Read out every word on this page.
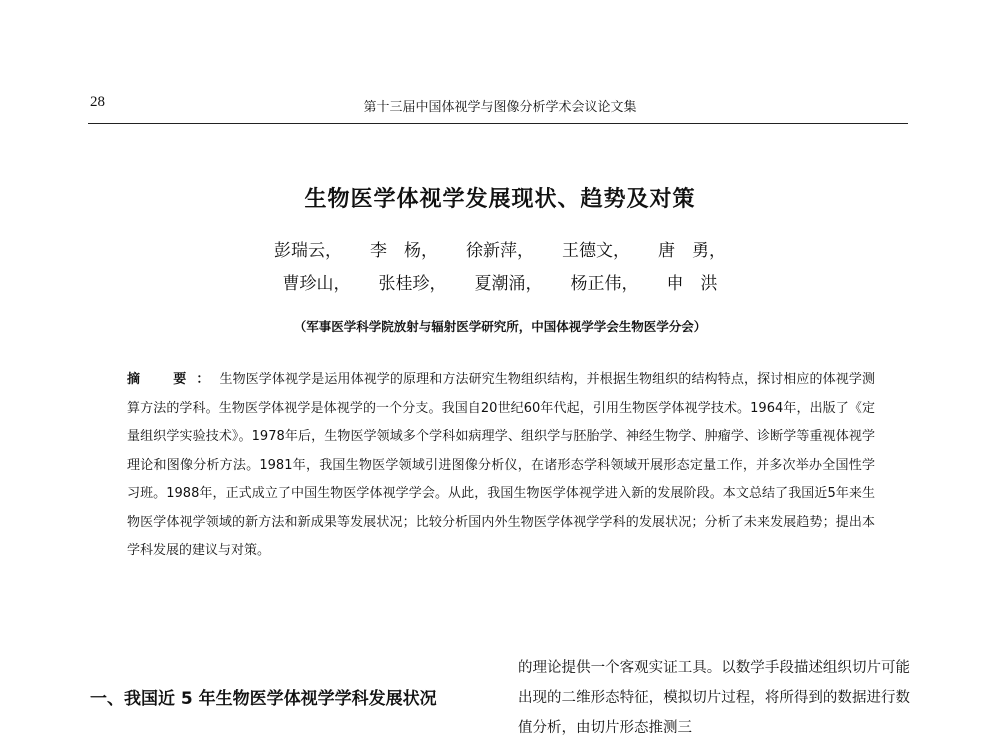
28	第十三届中国体视学与图像分析学术会议论文集
生物医学体视学发展现状、趋势及对策
彭瑞云， 李　杨， 徐新萍， 王德文， 唐　勇，
曹珍山， 张桂珍， 夏潮涌， 杨正伟， 申　洪
（军事医学科学院放射与辐射医学研究所，中国体视学学会生物医学分会）
摘　要：生物医学体视学是运用体视学的原理和方法研究生物组织结构，并根据生物组织的结构特点，探讨相应的体视学测算方法的学科。生物医学体视学是体视学的一个分支。我国自20世纪60年代起，引用生物医学体视学技术。1964年，出版了《定量组织学实验技术》。1978年后，生物医学领域多个学科如病理学、组织学与胚胎学、神经生物学、肿瘤学、诊断学等重视体视学理论和图像分析方法。1981年，我国生物医学领域引进图像分析仪，在诸形态学科领域开展形态定量工作，并多次举办全国性学习班。1988年，正式成立了中国生物医学体视学学会。从此，我国生物医学体视学进入新的发展阶段。本文总结了我国近5年来生物医学体视学领域的新方法和新成果等发展状况；比较分析国内外生物医学体视学学科的发展状况；分析了未来发展趋势；提出本学科发展的建议与对策。
一、我国近 5 年生物医学体视学学科发展状况
的理论提供一个客观实证工具。以数学手段描述组织切片可能出现的二维形态特征，模拟切片过程，将所得到的数据进行数值分析，由切片形态推测三
